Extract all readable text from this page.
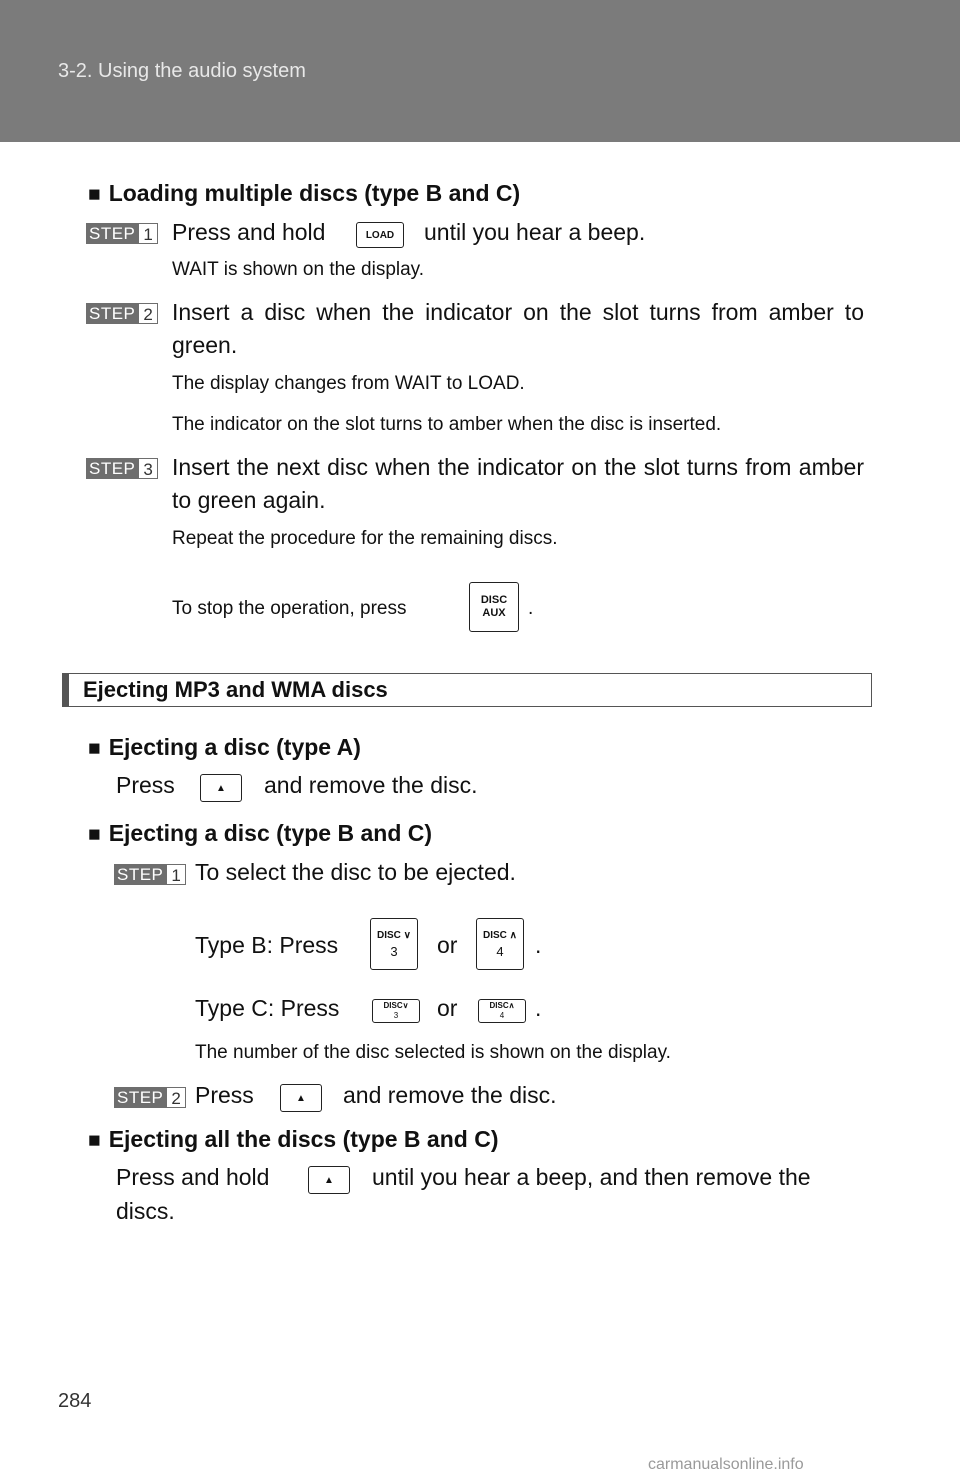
3-2. Using the audio system
■ Loading multiple discs (type B and C)
STEP 1 Press and hold	LOAD until you hear a beep.
WAIT is shown on the display.
STEP 2 Insert a disc when the indicator on the slot turns from amber to green.
The display changes from WAIT to LOAD.
The indicator on the slot turns to amber when the disc is inserted.
STEP 3 Insert the next disc when the indicator on the slot turns from amber to green again.
Repeat the procedure for the remaining discs.
To stop the operation, press	DISC
AUX .
Ejecting MP3 and WMA discs
■ Ejecting a disc (type A)
Press	▲ and remove the disc.
■ Ejecting a disc (type B and C)
STEP 1 To select the disc to be ejected.
Type B: Press	DISC ∨
3 or	DISC ∧
4 .
Type C: Press	DISC∨
3 or	DISC∧
4 .
The number of the disc selected is shown on the display.
STEP 2 Press	▲ and remove the disc.
■ Ejecting all the discs (type B and C)
Press and hold	▲ until you hear a beep, and then remove the
discs.
284
carmanualsonline.info
